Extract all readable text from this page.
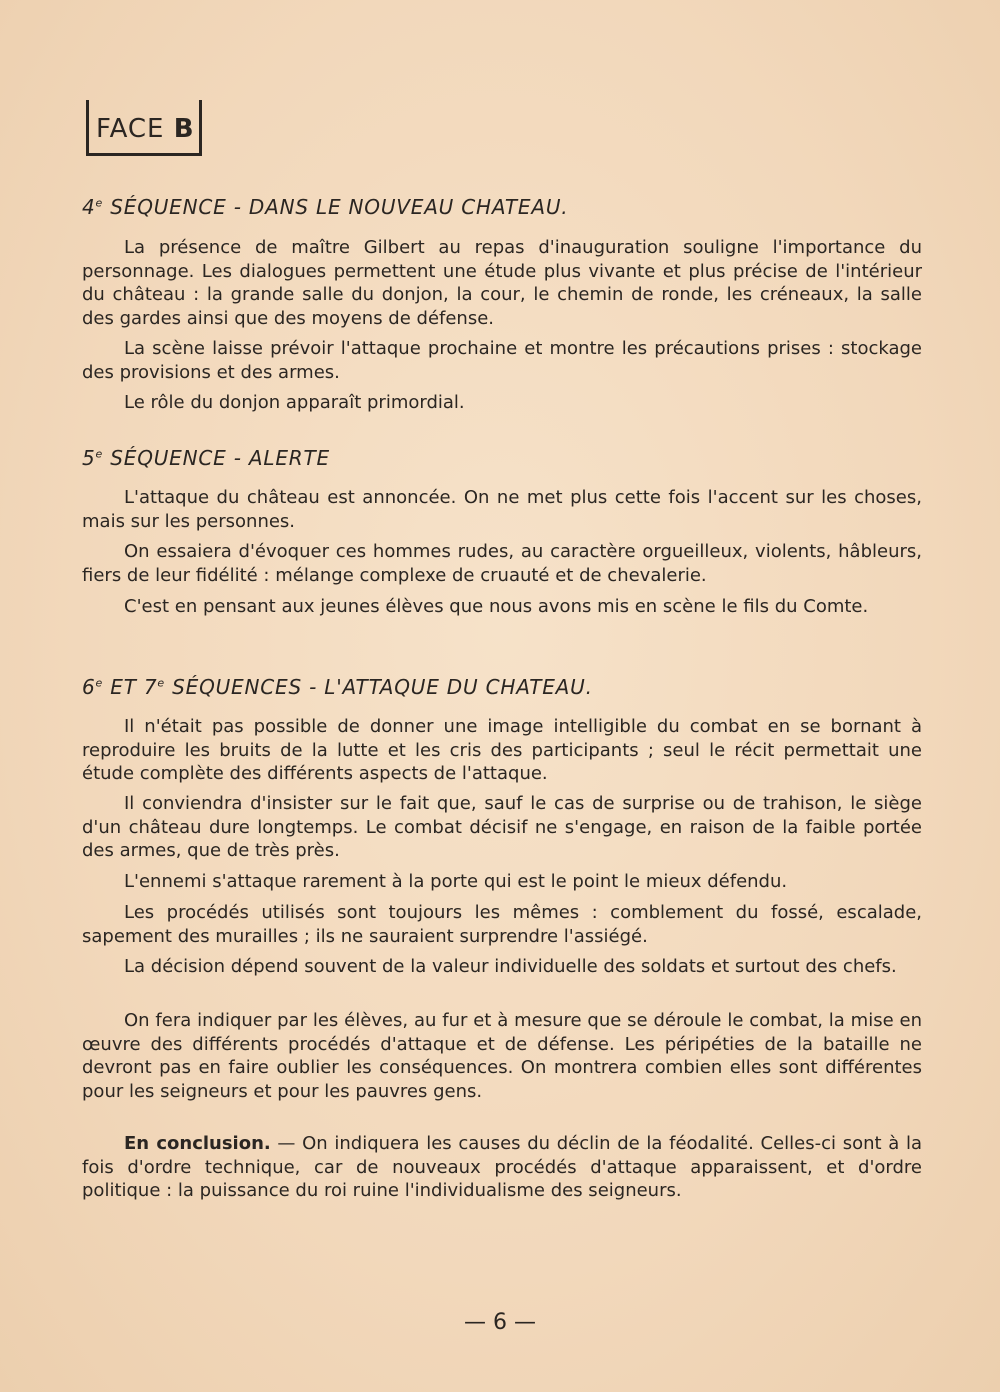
FACE B
4e SÉQUENCE - DANS LE NOUVEAU CHATEAU.

La présence de maître Gilbert au repas d'inauguration souligne l'importance du personnage. Les dialogues permettent une étude plus vivante et plus précise de l'intérieur du château : la grande salle du donjon, la cour, le chemin de ronde, les créneaux, la salle des gardes ainsi que des moyens de défense.

La scène laisse prévoir l'attaque prochaine et montre les précautions prises : stockage des provisions et des armes.

Le rôle du donjon apparaît primordial.

5e SÉQUENCE - ALERTE

L'attaque du château est annoncée. On ne met plus cette fois l'accent sur les choses, mais sur les personnes.

On essaiera d'évoquer ces hommes rudes, au caractère orgueilleux, violents, hâbleurs, fiers de leur fidélité : mélange complexe de cruauté et de chevalerie.

C'est en pensant aux jeunes élèves que nous avons mis en scène le fils du Comte.

6e ET 7e SÉQUENCES - L'ATTAQUE DU CHATEAU.

Il n'était pas possible de donner une image intelligible du combat en se bornant à reproduire les bruits de la lutte et les cris des participants ; seul le récit permettait une étude complète des différents aspects de l'attaque.

Il conviendra d'insister sur le fait que, sauf le cas de surprise ou de trahison, le siège d'un château dure longtemps. Le combat décisif ne s'engage, en raison de la faible portée des armes, que de très près.

L'ennemi s'attaque rarement à la porte qui est le point le mieux défendu.

Les procédés utilisés sont toujours les mêmes : comblement du fossé, escalade, sapement des murailles ; ils ne sauraient surprendre l'assiégé.

La décision dépend souvent de la valeur individuelle des soldats et surtout des chefs.

On fera indiquer par les élèves, au fur et à mesure que se déroule le combat, la mise en œuvre des différents procédés d'attaque et de défense. Les péripéties de la bataille ne devront pas en faire oublier les conséquences. On montrera combien elles sont différentes pour les seigneurs et pour les pauvres gens.

En conclusion. — On indiquera les causes du déclin de la féodalité. Celles-ci sont à la fois d'ordre technique, car de nouveaux procédés d'attaque apparaissent, et d'ordre politique : la puissance du roi ruine l'individualisme des seigneurs.

— 6 —
